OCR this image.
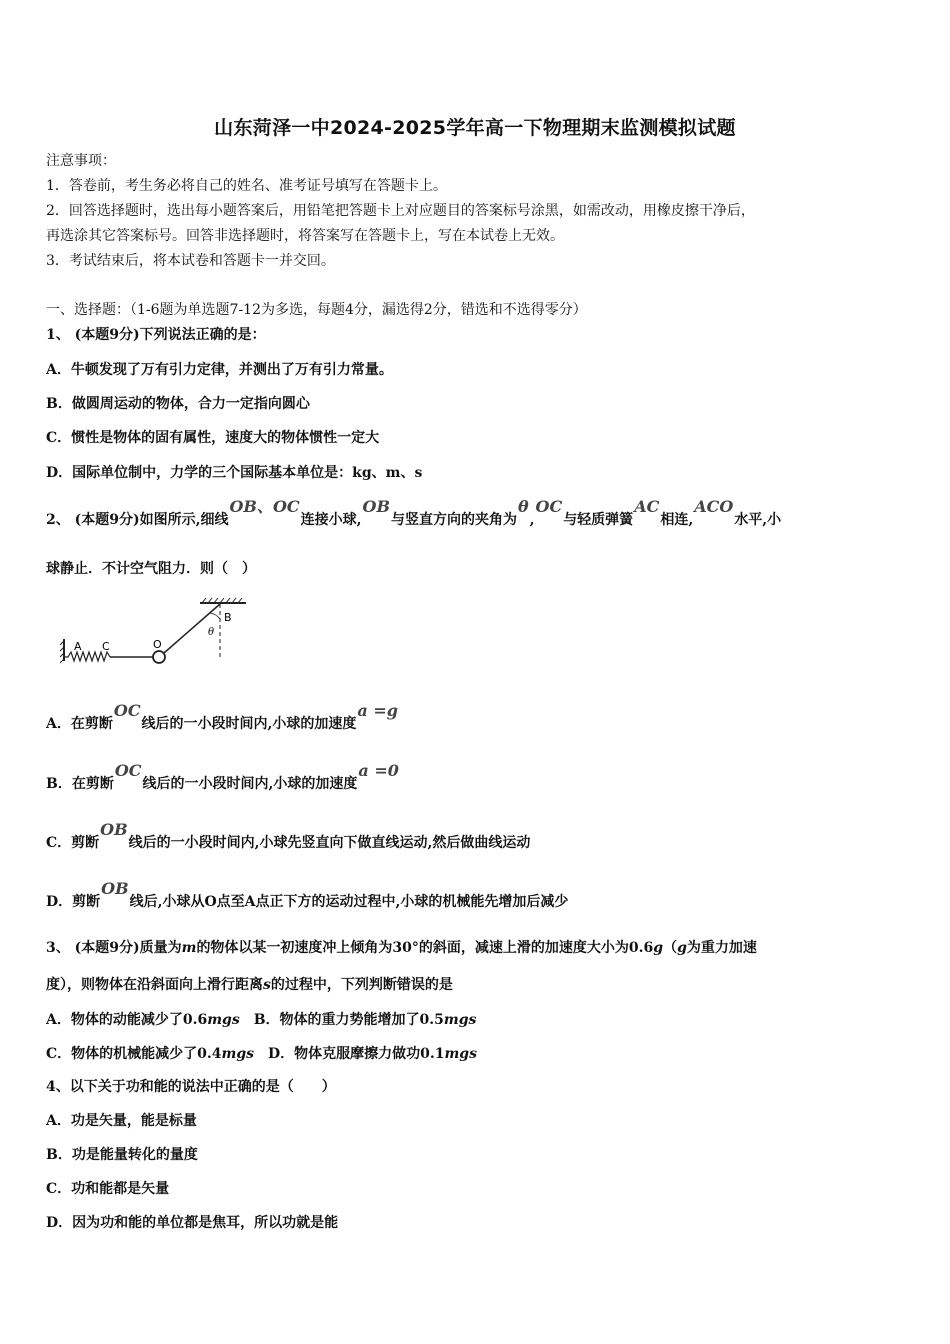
山东菏泽一中2024-2025学年高一下物理期末监测模拟试题
注意事项：
1．答卷前，考生务必将自己的姓名、准考证号填写在答题卡上。
2．回答选择题时，选出每小题答案后，用铅笔把答题卡上对应题目的答案标号涂黑，如需改动，用橡皮擦干净后，
再选涂其它答案标号。回答非选择题时，将答案写在答题卡上，写在本试卷上无效。
3．考试结束后，将本试卷和答题卡一并交回。
一、选择题：（1-6题为单选题7-12为多选，每题4分，漏选得2分，错选和不选得零分）
1、 (本题9分)下列说法正确的是：
A．牛顿发现了万有引力定律，并测出了万有引力常量。
B．做圆周运动的物体，合力一定指向圆心
C．惯性是物体的固有属性，速度大的物体惯性一定大
D．国际单位制中，力学的三个国际基本单位是：kg、m、s
2、 (本题9分)如图所示,细线OB、OC连接小球,OB与竖直方向的夹角为θ,OC与轻质弹簧AC相连,ACO水平,小
球静止．不计空气阻力．则（　）
A C	O
B
θ
A．在剪断OC线后的一小段时间内,小球的加速度a =g
B．在剪断OC线后的一小段时间内,小球的加速度a =0
C．剪断OB线后的一小段时间内,小球先竖直向下做直线运动,然后做曲线运动
D．剪断OB线后,小球从O点至A点正下方的运动过程中,小球的机械能先增加后减少
3、 (本题9分)质量为m的物体以某一初速度冲上倾角为30°的斜面，减速上滑的加速度大小为0.6g（g为重力加速
度），则物体在沿斜面向上滑行距离s的过程中，下列判断错误的是
A．物体的动能减少了0.6mgs　B．物体的重力势能增加了0.5mgs
C．物体的机械能减少了0.4mgs　D．物体克服摩擦力做功0.1mgs
4、以下关于功和能的说法中正确的是（　　）
A．功是矢量，能是标量
B．功是能量转化的量度
C．功和能都是矢量
D．因为功和能的单位都是焦耳，所以功就是能
